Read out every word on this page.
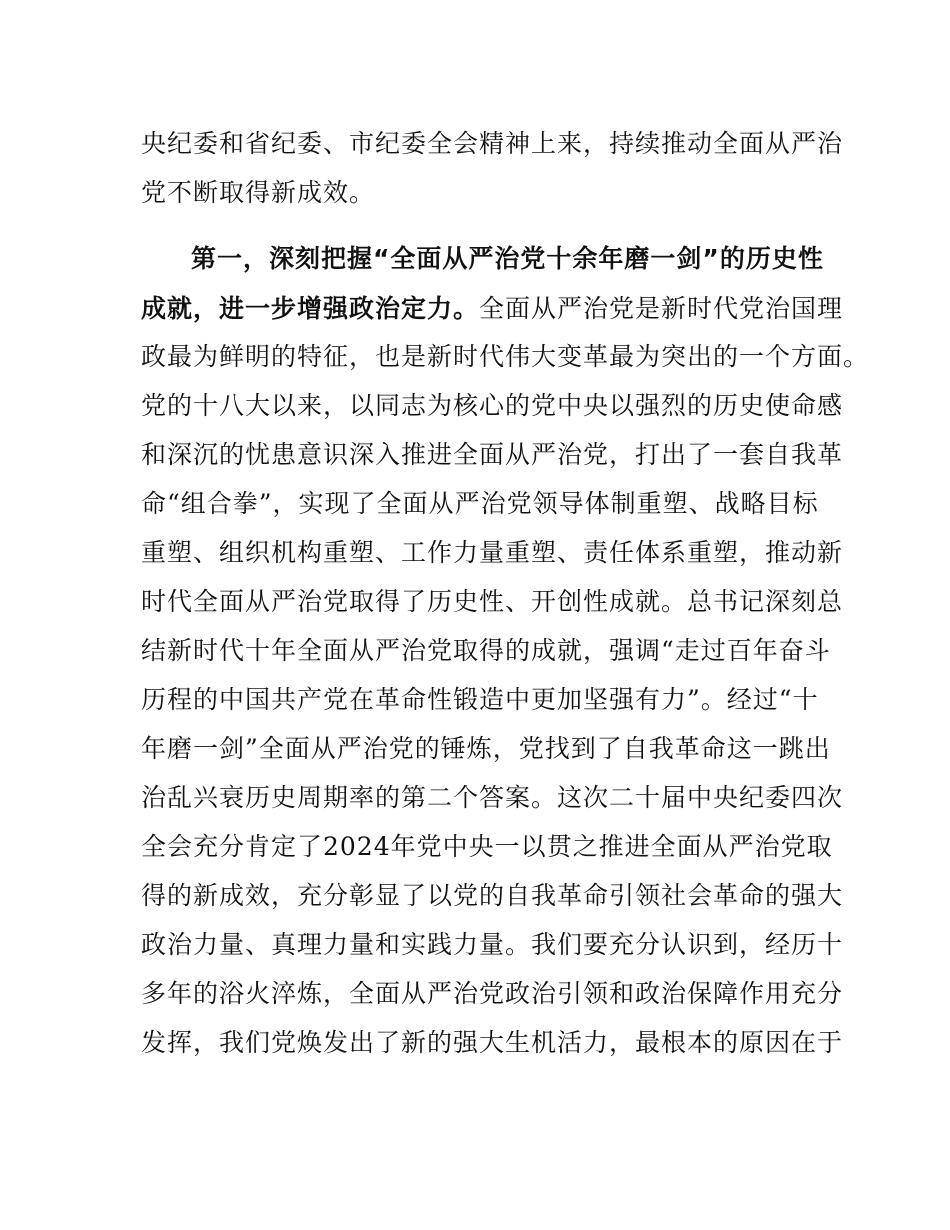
央纪委和省纪委、市纪委全会精神上来，持续推动全面从严治
党不断取得新成效。
第一，深刻把握“全面从严治党十余年磨一剑”的历史性
成就，进一步增强政治定力。全面从严治党是新时代党治国理
政最为鲜明的特征，也是新时代伟大变革最为突出的一个方面。
党的十八大以来，以同志为核心的党中央以强烈的历史使命感
和深沉的忧患意识深入推进全面从严治党，打出了一套自我革
命“组合拳”，实现了全面从严治党领导体制重塑、战略目标
重塑、组织机构重塑、工作力量重塑、责任体系重塑，推动新
时代全面从严治党取得了历史性、开创性成就。总书记深刻总
结新时代十年全面从严治党取得的成就，强调“走过百年奋斗
历程的中国共产党在革命性锻造中更加坚强有力”。经过“十
年磨一剑”全面从严治党的锤炼，党找到了自我革命这一跳出
治乱兴衰历史周期率的第二个答案。这次二十届中央纪委四次
全会充分肯定了2024年党中央一以贯之推进全面从严治党取
得的新成效，充分彰显了以党的自我革命引领社会革命的强大
政治力量、真理力量和实践力量。我们要充分认识到，经历十
多年的浴火淬炼，全面从严治党政治引领和政治保障作用充分
发挥，我们党焕发出了新的强大生机活力，最根本的原因在于
